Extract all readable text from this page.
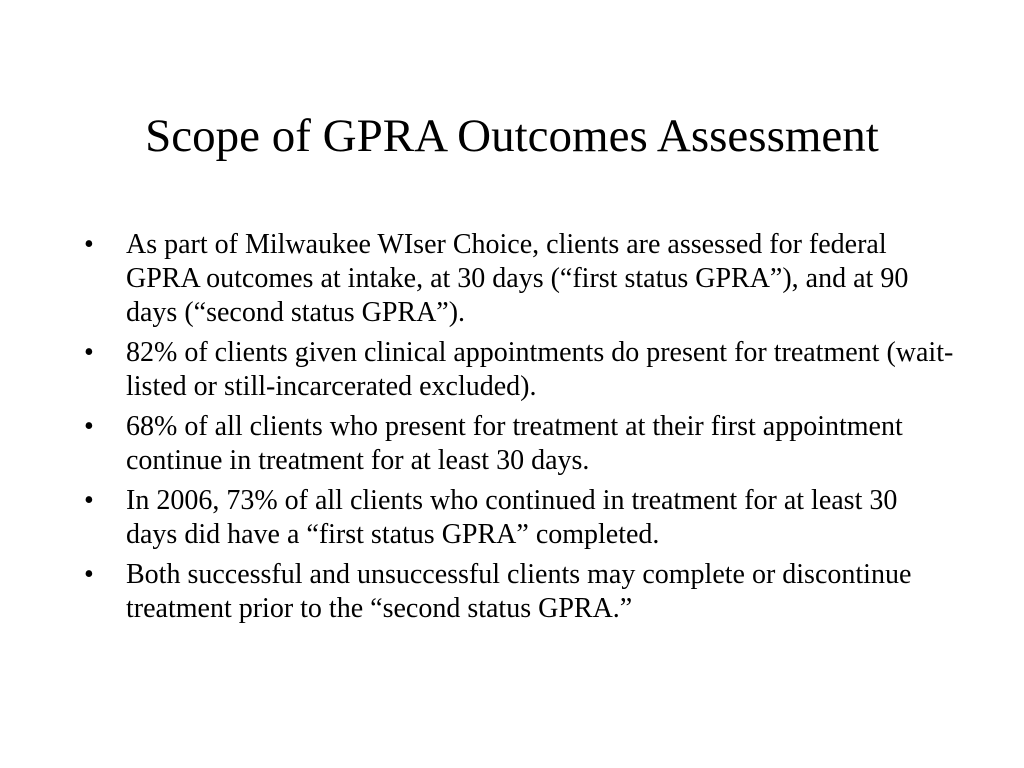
Scope of GPRA Outcomes Assessment
•	As part of Milwaukee WIser Choice, clients are assessed for federal GPRA outcomes at intake, at 30 days (“first status GPRA”), and at 90 days (“second status GPRA”).
•	82% of clients given clinical appointments do present for treatment (wait-listed or still-incarcerated excluded).
•	68% of all clients who present for treatment at their first appointment continue in treatment for at least 30 days.
•	In 2006, 73% of all clients who continued in treatment for at least 30 days did have a “first status GPRA” completed.
•	Both successful and unsuccessful clients may complete or discontinue treatment prior to the “second status GPRA.”
